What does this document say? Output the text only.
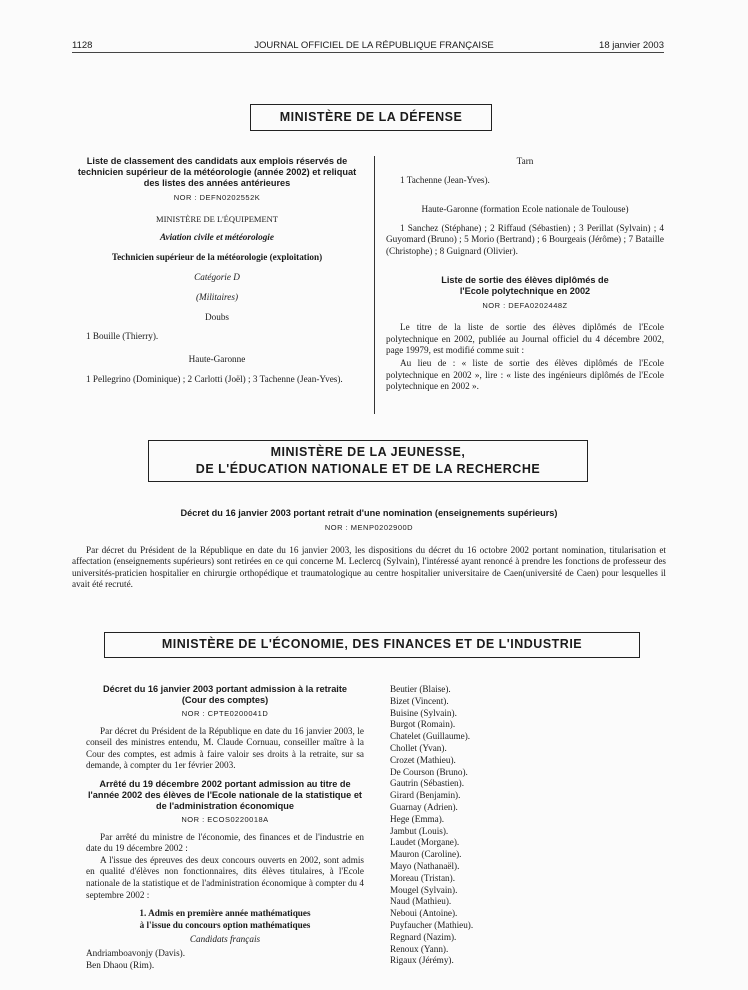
1128	JOURNAL OFFICIEL DE LA RÉPUBLIQUE FRANÇAISE	18 janvier 2003
MINISTÈRE DE LA DÉFENSE
Liste de classement des candidats aux emplois réservés de technicien supérieur de la météorologie (année 2002) et reliquat des listes des années antérieures
NOR : DEFN0202552K
MINISTÈRE DE L'ÉQUIPEMENT
Aviation civile et météorologie
Technicien supérieur de la météorologie (exploitation)
Catégorie D
(Militaires)
Doubs
1 Bouille (Thierry).
Haute-Garonne
1 Pellegrino (Dominique) ; 2 Carlotti (Joël) ; 3 Tachenne (Jean-Yves).
Tarn
1 Tachenne (Jean-Yves).
Haute-Garonne (formation Ecole nationale de Toulouse)
1 Sanchez (Stéphane) ; 2 Riffaud (Sébastien) ; 3 Perillat (Sylvain) ; 4 Guyomard (Bruno) ; 5 Morio (Bertrand) ; 6 Bourgeais (Jérôme) ; 7 Bataille (Christophe) ; 8 Guignard (Olivier).
Liste de sortie des élèves diplômés de l'Ecole polytechnique en 2002
NOR : DEFA0202448Z
Le titre de la liste de sortie des élèves diplômés de l'Ecole polytechnique en 2002, publiée au Journal officiel du 4 décembre 2002, page 19979, est modifié comme suit :
Au lieu de : « liste de sortie des élèves diplômés de l'Ecole polytechnique en 2002 », lire : « liste des ingénieurs diplômés de l'Ecole polytechnique en 2002 ».
MINISTÈRE DE LA JEUNESSE,
DE L'ÉDUCATION NATIONALE ET DE LA RECHERCHE
Décret du 16 janvier 2003 portant retrait d'une nomination (enseignements supérieurs)
NOR : MENP0202900D
Par décret du Président de la République en date du 16 janvier 2003, les dispositions du décret du 16 octobre 2002 portant nomination, titularisation et affectation (enseignements supérieurs) sont retirées en ce qui concerne M. Leclercq (Sylvain), l'intéressé ayant renoncé à prendre les fonctions de professeur des universités-praticien hospitalier en chirurgie orthopédique et traumatologique au centre hospitalier universitaire de Caen(université de Caen) pour lesquelles il avait été recruté.
MINISTÈRE DE L'ÉCONOMIE, DES FINANCES ET DE L'INDUSTRIE
Décret du 16 janvier 2003 portant admission à la retraite (Cour des comptes)
NOR : CPTE0200041D
Par décret du Président de la République en date du 16 janvier 2003, le conseil des ministres entendu, M. Claude Cornuau, conseiller maître à la Cour des comptes, est admis à faire valoir ses droits à la retraite, sur sa demande, à compter du 1er février 2003.
Arrêté du 19 décembre 2002 portant admission au titre de l'année 2002 des élèves de l'Ecole nationale de la statistique et de l'administration économique
NOR : ECOS0220018A
Par arrêté du ministre de l'économie, des finances et de l'industrie en date du 19 décembre 2002 :
A l'issue des épreuves des deux concours ouverts en 2002, sont admis en qualité d'élèves non fonctionnaires, dits élèves titulaires, à l'Ecole nationale de la statistique et de l'administration économique à compter du 4 septembre 2002 :
1. Admis en première année mathématiques
à l'issue du concours option mathématiques
Candidats français
Andriamboavonjy (Davis).
Ben Dhaou (Rim).
Beutier (Blaise).
Bizet (Vincent).
Buisine (Sylvain).
Burgot (Romain).
Chatelet (Guillaume).
Chollet (Yvan).
Crozet (Mathieu).
De Courson (Bruno).
Gautrin (Sébastien).
Girard (Benjamin).
Guarnay (Adrien).
Hege (Emma).
Jambut (Louis).
Laudet (Morgane).
Mauron (Caroline).
Mayo (Nathanaël).
Moreau (Tristan).
Mougel (Sylvain).
Naud (Mathieu).
Neboui (Antoine).
Puyfaucher (Mathieu).
Regnard (Nazim).
Renoux (Yann).
Rigaux (Jérémy).
